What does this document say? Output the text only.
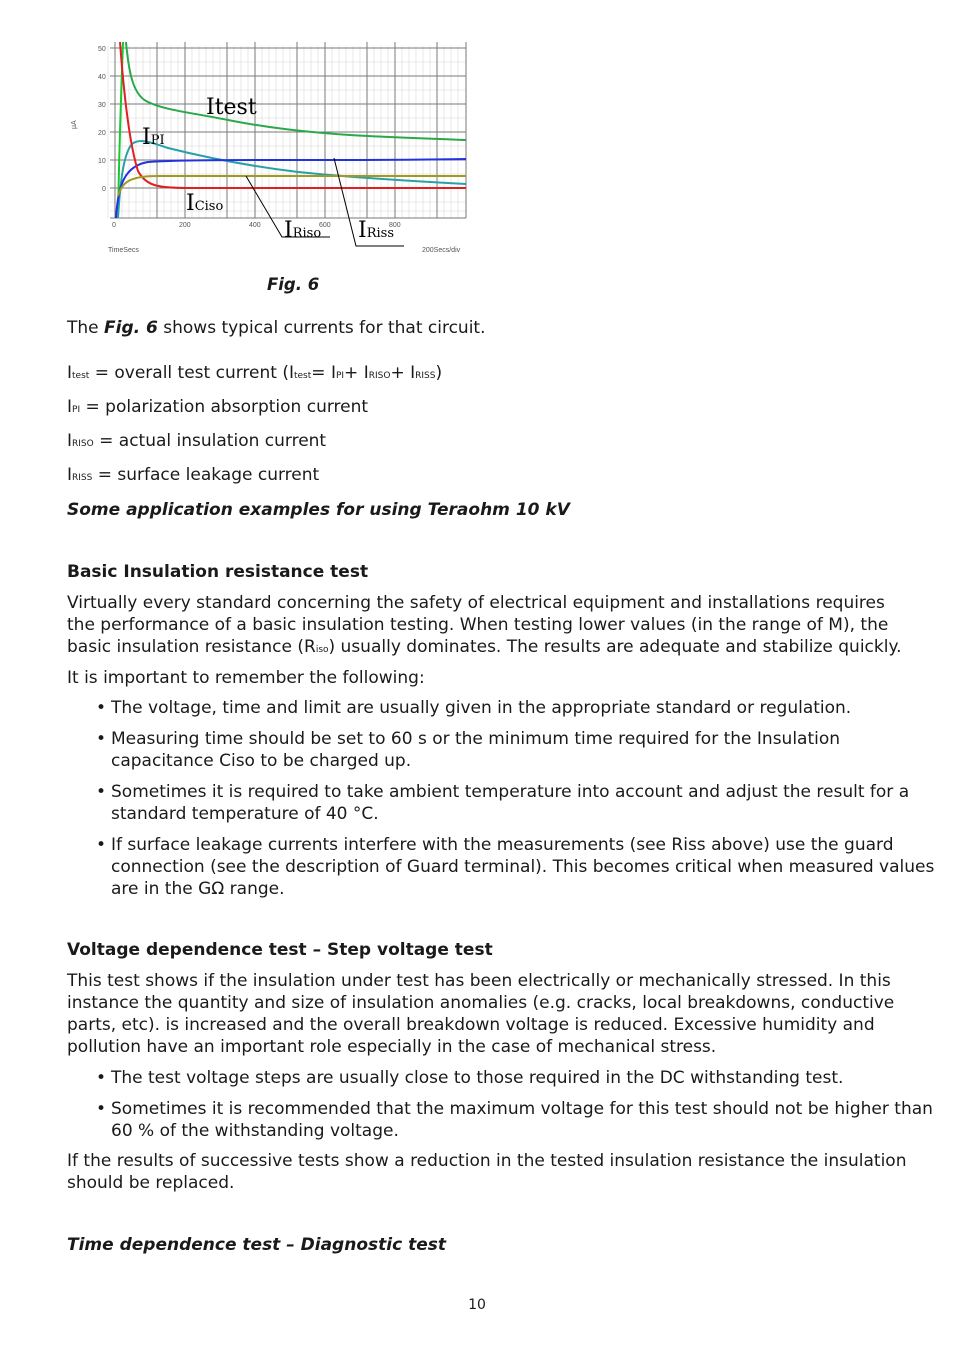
50
40
30
20
10
0
µA
0	200	400	600	800
TimeSecs	200Secs/div
Itest
IPI
ICiso
IRiso IRiss
Fig. 6

The Fig. 6 shows typical currents for that circuit.

Itest = overall test current (Itest= IPI+ IRISO+ IRISS)

IPI = polarization absorption current

IRISO = actual insulation current

IRISS = surface leakage current

Some application examples for using Teraohm 10 kV
Basic Insulation resistance test

Virtually every standard concerning the safety of electrical equipment and installations requires the performance of a basic insulation testing. When testing lower values (in the range of M), the basic insulation resistance (Riso) usually dominates. The results are adequate and stabilize quickly.

It is important to remember the following:

• The voltage, time and limit are usually given in the appropriate standard or regulation.
• Measuring time should be set to 60 s or the minimum time required for the Insulation capacitance Ciso to be charged up.
• Sometimes it is required to take ambient temperature into account and adjust the result for a standard temperature of 40 °C.
• If surface leakage currents interfere with the measurements (see Riss above) use the guard connection (see the description of Guard terminal). This becomes critical when measured values are in the GΩ range.
Voltage dependence test – Step voltage test

This test shows if the insulation under test has been electrically or mechanically stressed. In this instance the quantity and size of insulation anomalies (e.g. cracks, local breakdowns, conductive parts, etc). is increased and the overall breakdown voltage is reduced. Excessive humidity and pollution have an important role especially in the case of mechanical stress.

• The test voltage steps are usually close to those required in the DC withstanding test.
• Sometimes it is recommended that the maximum voltage for this test should not be higher than 60 % of the withstanding voltage.

If the results of successive tests show a reduction in the tested insulation resistance the insulation should be replaced.

Time dependence test – Diagnostic test
10
